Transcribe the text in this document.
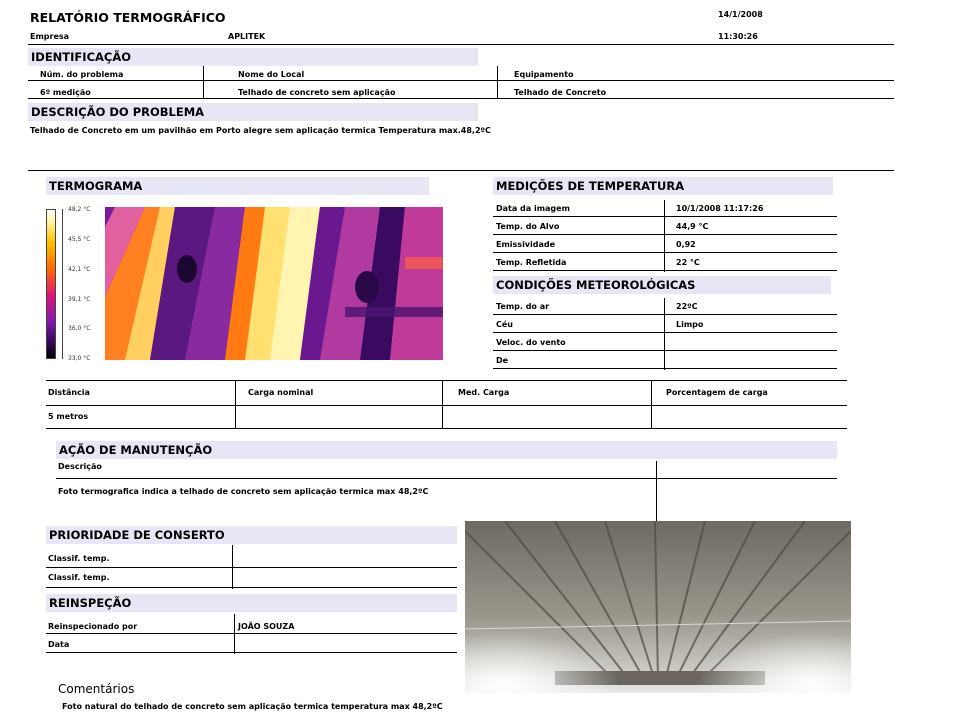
RELATÓRIO TERMOGRÁFICO	14/1/2008
Empresa	APLITEK	11:30:26
IDENTIFICAÇÃO
Núm. do problema	Nome do Local	Equipamento
6º medição	Telhado de concreto sem aplicação	Telhado de Concreto
DESCRIÇÃO DO PROBLEMA
Telhado de Concreto em um pavilhão em Porto alegre sem aplicação termica Temperatura max.48,2ºC
TERMOGRAMA
48,2 °C
45,5 °C
42,1 °C
39,1 °C
36,0 °C
33,0 °C
MEDIÇÕES DE TEMPERATURA
Data da imagem	10/1/2008 11:17:26
Temp. do Alvo	44,9 °C
Emissividade	0,92
Temp. Refletida	22 °C
CONDIÇÕES METEOROLÓGICAS
Temp. do ar	22ºC
Céu	Limpo
Veloc. do vento
De
Distância	Carga nominal	Med. Carga	Porcentagem de carga
5 metros
AÇÃO DE MANUTENÇÃO
Descrição
Foto termografica indica a telhado de concreto sem aplicação termica max 48,2ºC
PRIORIDADE DE CONSERTO
Classif. temp.
Classif. temp.
REINSPEÇÃO
Reinspecionado por	JOÃO SOUZA
Data
Comentários
Foto natural do telhado de concreto sem aplicação termica temperatura max 48,2ºC
